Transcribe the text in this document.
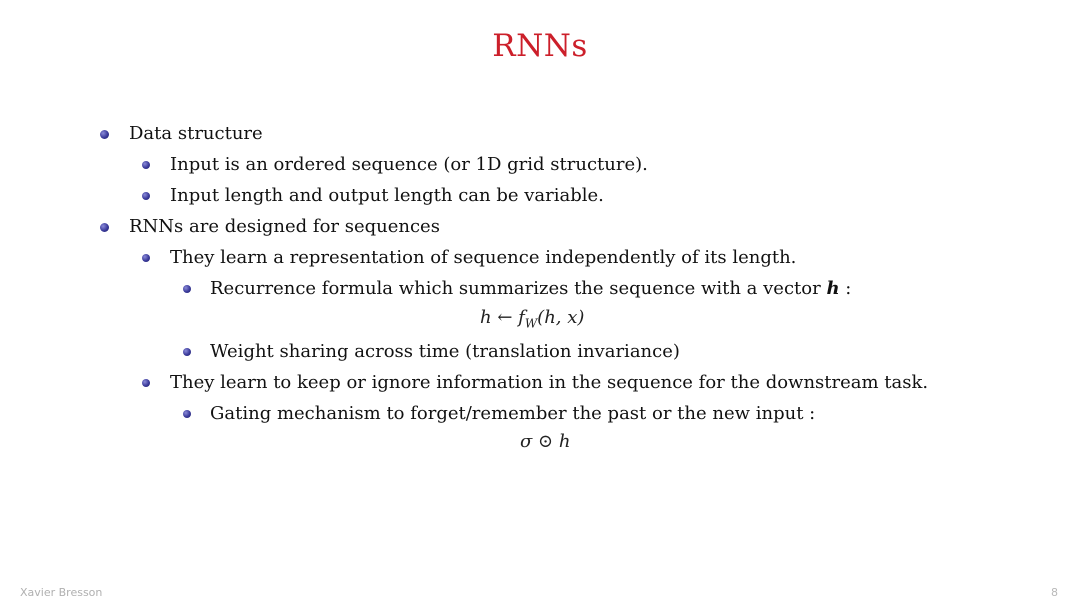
RNNs
Data structure
Input is an ordered sequence (or 1D grid structure).
Input length and output length can be variable.
RNNs are designed for sequences
They learn a representation of sequence independently of its length.
Recurrence formula which summarizes the sequence with a vector h :
h ← $f_W(h$, x)
Weight sharing across time (translation invariance)
They learn to keep or ignore information in the sequence for the downstream task.
Gating mechanism to forget/remember the past or the new input :
σ ⊙ h
Xavier Bresson	8
